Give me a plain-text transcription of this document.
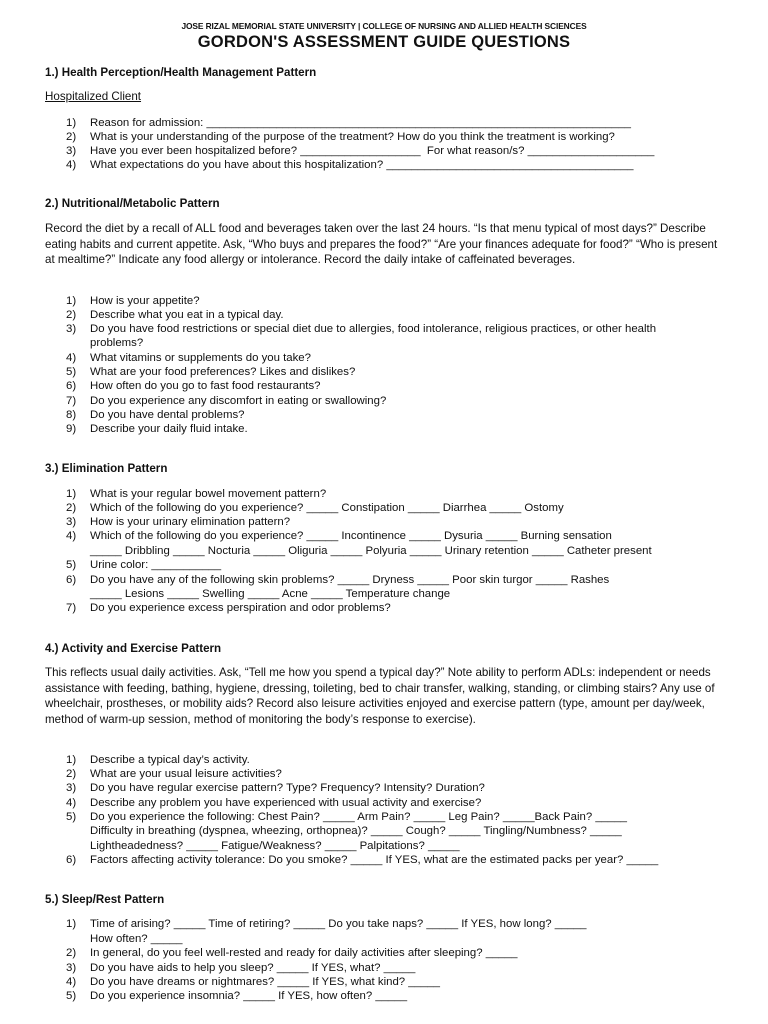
JOSE RIZAL MEMORIAL STATE UNIVERSITY | COLLEGE OF NURSING AND ALLIED HEALTH SCIENCES
GORDON'S ASSESSMENT GUIDE QUESTIONS
1.) Health Perception/Health Management Pattern
Hospitalized Client
1) Reason for admission: ___________________________________________________________________
2) What is your understanding of the purpose of the treatment? How do you think the treatment is working?
3) Have you ever been hospitalized before? ___________________  For what reason/s? ____________________
4) What expectations do you have about this hospitalization? _______________________________________
2.) Nutritional/Metabolic Pattern
Record the diet by a recall of ALL food and beverages taken over the last 24 hours. “Is that menu typical of most days?” Describe eating habits and current appetite. Ask, “Who buys and prepares the food?” “Are your finances adequate for food?” “Who is present at mealtime?” Indicate any food allergy or intolerance. Record the daily intake of caffeinated beverages.
1) How is your appetite?
2) Describe what you eat in a typical day.
3) Do you have food restrictions or special diet due to allergies, food intolerance, religious practices, or other health
problems?
4) What vitamins or supplements do you take?
5) What are your food preferences? Likes and dislikes?
6) How often do you go to fast food restaurants?
7) Do you experience any discomfort in eating or swallowing?
8) Do you have dental problems?
9) Describe your daily fluid intake.
3.) Elimination Pattern
1) What is your regular bowel movement pattern?
2) Which of the following do you experience? _____ Constipation _____ Diarrhea _____ Ostomy
3) How is your urinary elimination pattern?
4) Which of the following do you experience? _____ Incontinence _____ Dysuria _____ Burning sensation
_____ Dribbling _____ Nocturia _____ Oliguria _____ Polyuria _____ Urinary retention _____ Catheter present
5) Urine color: ___________
6) Do you have any of the following skin problems? _____ Dryness _____ Poor skin turgor _____ Rashes
_____ Lesions _____ Swelling _____ Acne _____ Temperature change
7) Do you experience excess perspiration and odor problems?
4.) Activity and Exercise Pattern
This reflects usual daily activities. Ask, “Tell me how you spend a typical day?” Note ability to perform ADLs: independent or needs assistance with feeding, bathing, hygiene, dressing, toileting, bed to chair transfer, walking, standing, or climbing stairs? Any use of wheelchair, prostheses, or mobility aids? Record also leisure activities enjoyed and exercise pattern (type, amount per day/week, method of warm-up session, method of monitoring the body’s response to exercise).
1) Describe a typical day’s activity.
2) What are your usual leisure activities?
3) Do you have regular exercise pattern? Type? Frequency? Intensity? Duration?
4) Describe any problem you have experienced with usual activity and exercise?
5) Do you experience the following: Chest Pain? _____ Arm Pain? _____ Leg Pain? _____Back Pain? _____
Difficulty in breathing (dyspnea, wheezing, orthopnea)? _____ Cough? _____ Tingling/Numbness? _____
Lightheadedness? _____ Fatigue/Weakness? _____ Palpitations? _____
6) Factors affecting activity tolerance: Do you smoke? _____ If YES, what are the estimated packs per year? _____
5.) Sleep/Rest Pattern
1) Time of arising? _____ Time of retiring? _____ Do you take naps? _____ If YES, how long? _____
How often? _____
2) In general, do you feel well-rested and ready for daily activities after sleeping? _____
3) Do you have aids to help you sleep? _____ If YES, what? _____
4) Do you have dreams or nightmares? _____ If YES, what kind? _____
5) Do you experience insomnia? _____ If YES, how often? _____
